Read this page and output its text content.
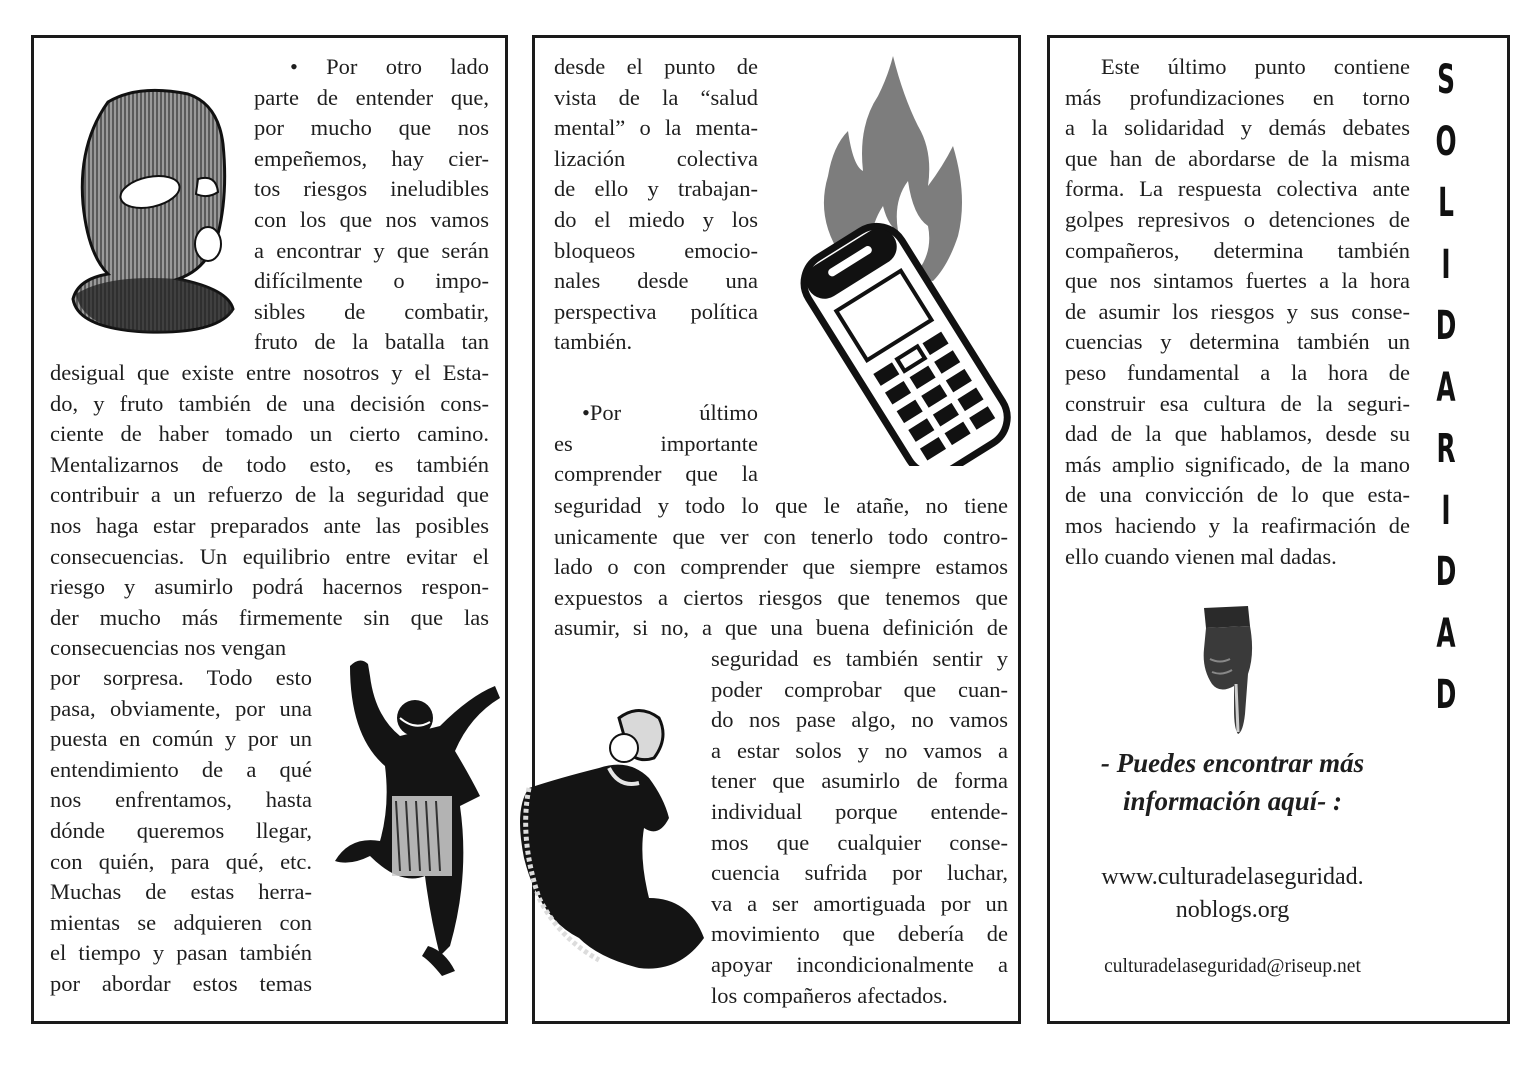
• Por otro lado
parte de entender que,
por mucho que nos
empeñemos, hay cier-
tos riesgos ineludibles
con los que nos vamos
a encontrar y que serán
difícilmente o impo-
sibles de combatir,
fruto de la batalla tan
desigual que existe entre nosotros y el Esta-
do, y fruto también de una decisión cons-
ciente de haber tomado un cierto camino.
Mentalizarnos de todo esto, es también
contribuir a un refuerzo de la seguridad que
nos haga estar preparados ante las posibles
consecuencias. Un equilibrio entre evitar el
riesgo y asumirlo podrá hacernos respon-
der mucho más firmemente sin que las
consecuencias nos vengan
por sorpresa. Todo esto
pasa, obviamente, por una
puesta en común y por un
entendimiento de a qué
nos enfrentamos, hasta
dónde queremos llegar,
con quién, para qué, etc.
Muchas de estas herra-
mientas se adquieren con
el tiempo y pasan también
por abordar estos temas
desde el punto de
vista de la “salud
mental” o la menta-
lización colectiva
de ello y trabajan-
do el miedo y los
bloqueos emocio-
nales desde una
perspectiva política
también.
•Por último
es importante
comprender que la
seguridad y todo lo que le atañe, no tiene
unicamente que ver con tenerlo todo contro-
lado o con comprender que siempre estamos
expuestos a ciertos riesgos que tenemos que
asumir, si no, a que una buena definición de
seguridad es también sentir y
poder comprobar que cuan-
do nos pase algo, no vamos
a estar solos y no vamos a
tener que asumirlo de forma
individual porque entende-
mos que cualquier conse-
cuencia sufrida por luchar,
va a ser amortiguada por un
movimiento que debería de
apoyar incondicionalmente a
los compañeros afectados.
Este último punto contiene
más profundizaciones en torno
a la solidaridad y demás debates
que han de abordarse de la misma
forma. La respuesta colectiva ante
golpes represivos o detenciones de
compañeros, determina también
que nos sintamos fuertes a la hora
de asumir los riesgos y sus conse-
cuencias y determina también un
peso fundamental a la hora de
construir esa cultura de la seguri-
dad de la que hablamos, desde su
más amplio significado, de la mano
de una convicción de lo que esta-
mos haciendo y la reafirmación de
ello cuando vienen mal dadas.
- Puedes encontrar más
información aquí- :
www.culturadelaseguridad.
noblogs.org
culturadelaseguridad@riseup.net
S
O
L
I
D
A
R
I
D
A
D
